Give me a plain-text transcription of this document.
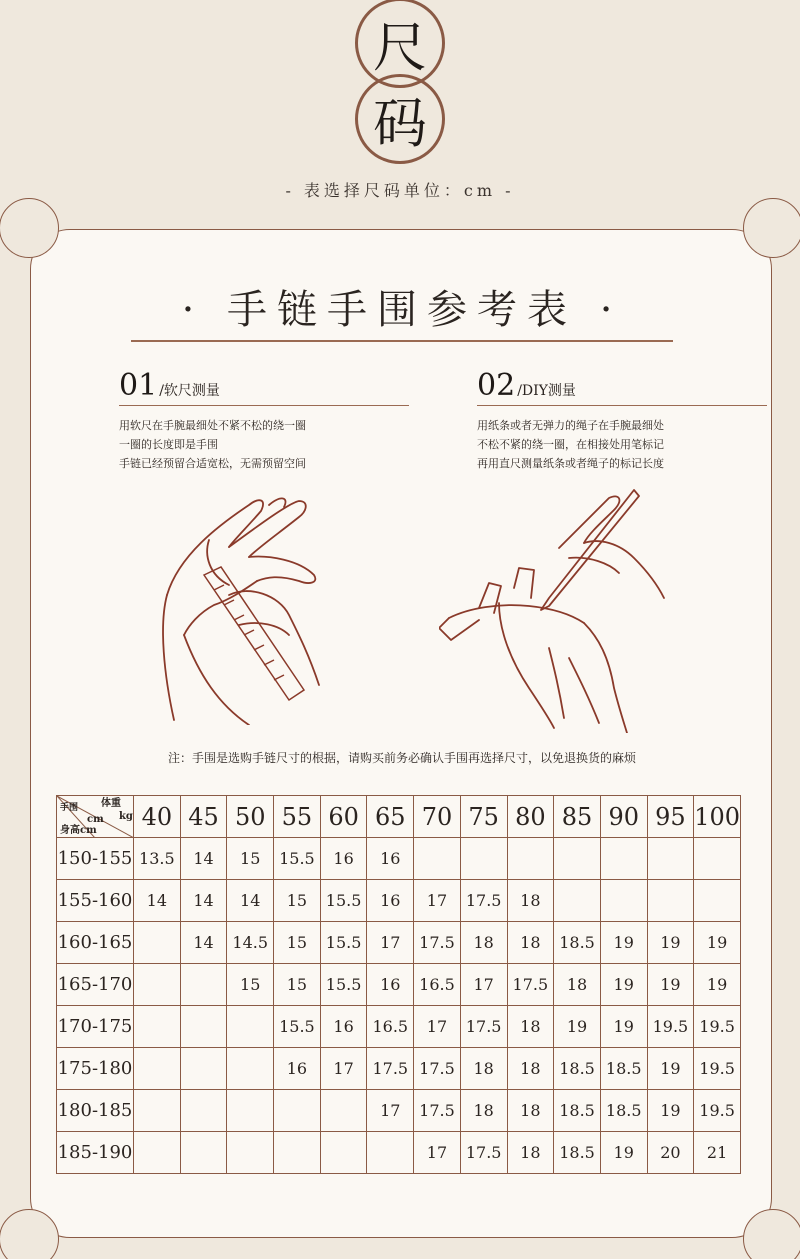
尺
码
- 表选择尺码单位：cm -
· 手链手围参考表 ·
01 /软尺测量
用软尺在手腕最细处不紧不松的绕一圈
一圈的长度即是手围
手链已经预留合适宽松，无需预留空间
02 /DIY测量
用纸条或者无弹力的绳子在手腕最细处
不松不紧的绕一圈，在相接处用笔标记
再用直尺测量纸条或者绳子的标记长度
注：手围是选购手链尺寸的根据，请购买前务必确认手围再选择尺寸，以免退换货的麻烦
体重
kg
手围
cm
身高cm	40	45	50	55	60	65	70	75	80	85	90	95	100
150-155	13.5	14	15	15.5	16	16							
155-160	14	14	14	15	15.5	16	17	17.5	18				
160-165		14	14.5	15	15.5	17	17.5	18	18	18.5	19	19	19
165-170			15	15	15.5	16	16.5	17	17.5	18	19	19	19
170-175				15.5	16	16.5	17	17.5	18	19	19	19.5	19.5
175-180				16	17	17.5	17.5	18	18	18.5	18.5	19	19.5
180-185						17	17.5	18	18	18.5	18.5	19	19.5
185-190							17	17.5	18	18.5	19	20	21
